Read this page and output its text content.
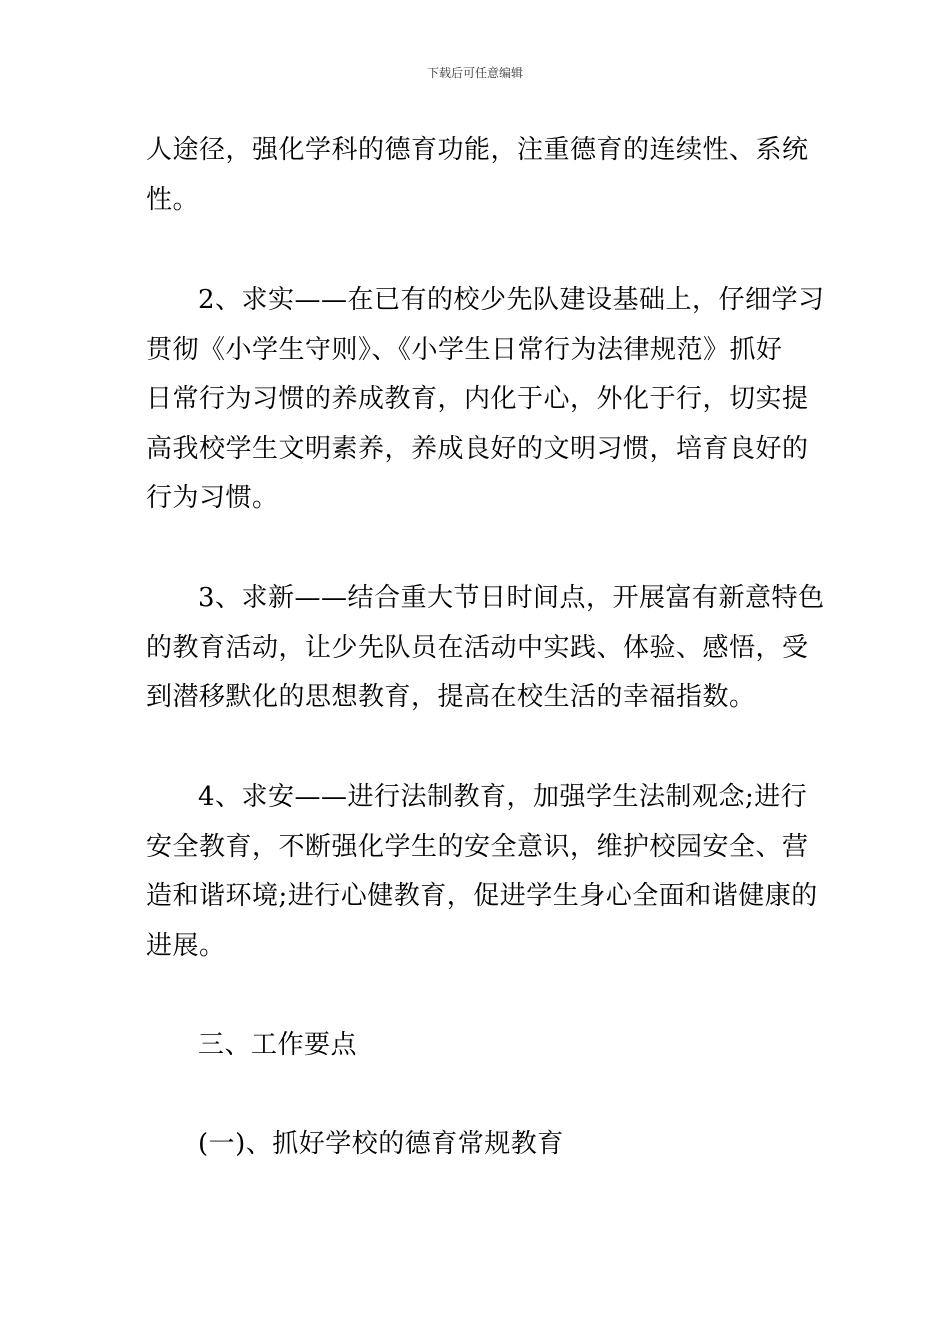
下载后可任意编辑

人途径，强化学科的德育功能，注重德育的连续性、系统
性。

2、求实——在已有的校少先队建设基础上，仔细学习
贯彻《小学生守则》、《小学生日常行为法律规范》抓好
日常行为习惯的养成教育，内化于心，外化于行，切实提
高我校学生文明素养，养成良好的文明习惯，培育良好的
行为习惯。

3、求新——结合重大节日时间点，开展富有新意特色
的教育活动，让少先队员在活动中实践、体验、感悟，受
到潜移默化的思想教育，提高在校生活的幸福指数。

4、求安——进行法制教育，加强学生法制观念;进行
安全教育，不断强化学生的安全意识，维护校园安全、营
造和谐环境;进行心健教育，促进学生身心全面和谐健康的
进展。

三、工作要点

(一)、抓好学校的德育常规教育
